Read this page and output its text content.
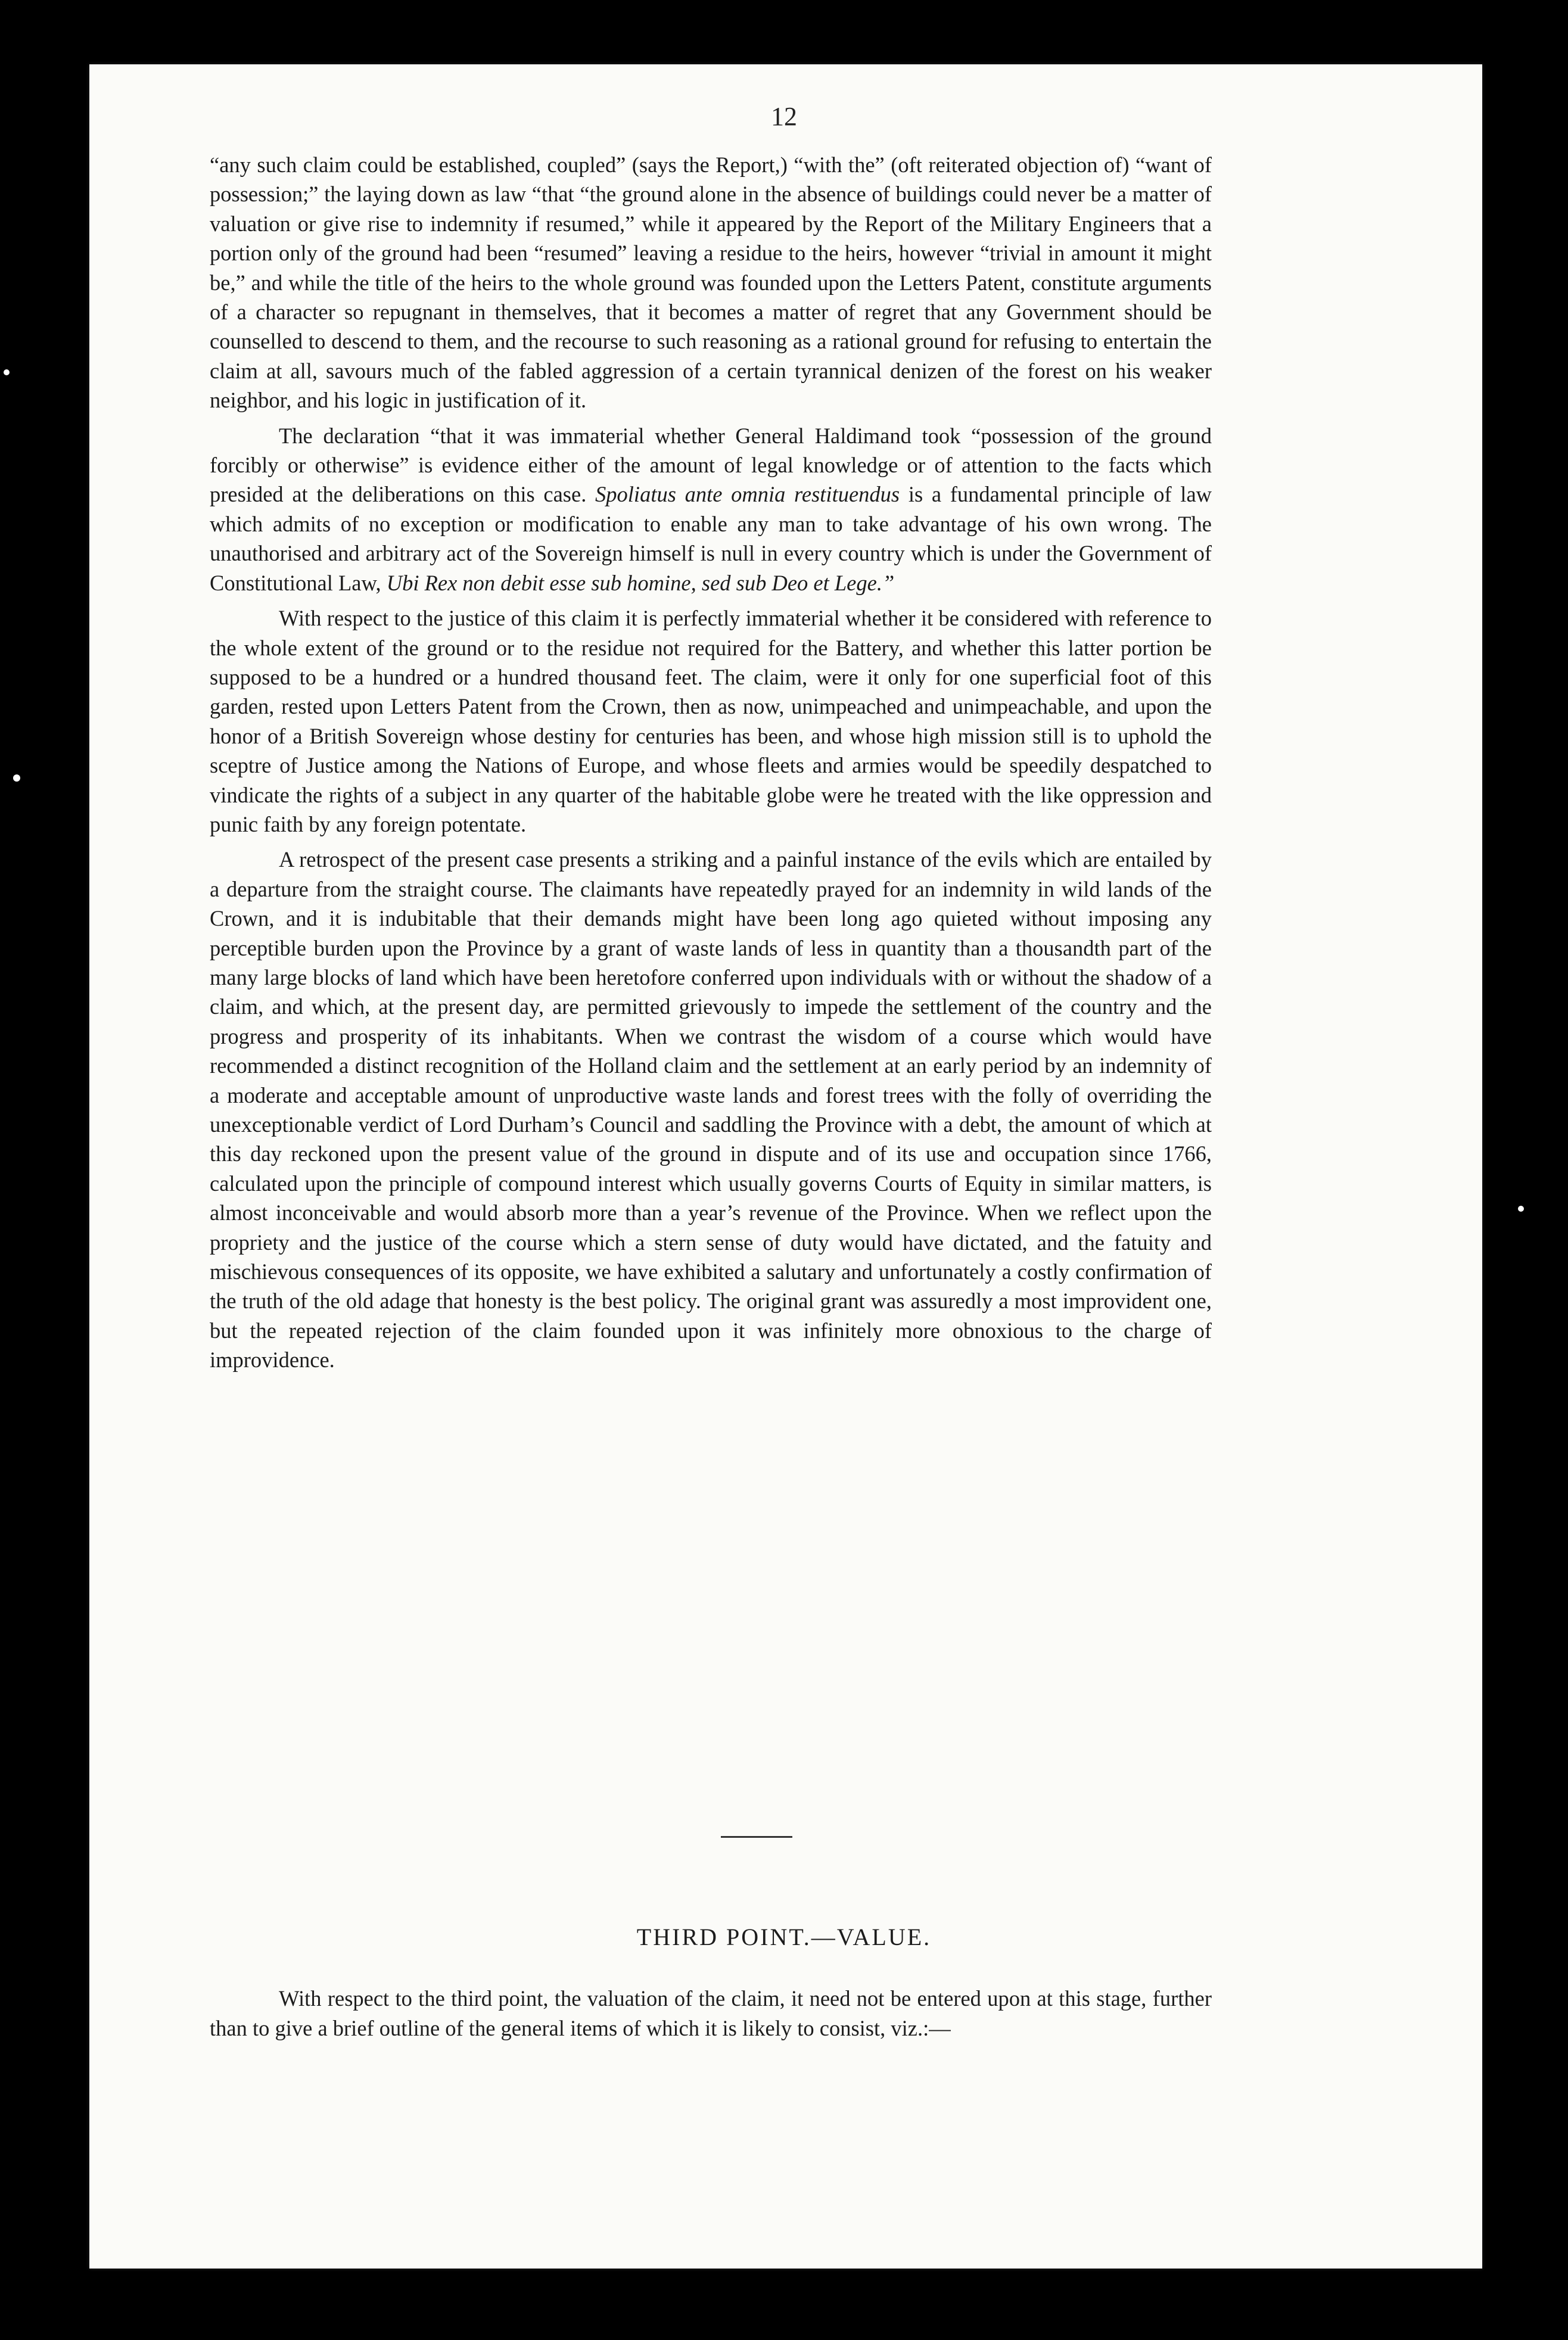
12

“any such claim could be established, coupled” (says the Report,) “with the” (oft reiterated objection of) “want of possession;” the laying down as law “that “the ground alone in the absence of buildings could never be a matter of valuation or give rise to indemnity if resumed,” while it appeared by the Report of the Military Engineers that a portion only of the ground had been “resumed” leaving a residue to the heirs, however “trivial in amount it might be,” and while the title of the heirs to the whole ground was founded upon the Letters Patent, constitute arguments of a character so repugnant in themselves, that it becomes a matter of regret that any Government should be counselled to descend to them, and the recourse to such reasoning as a rational ground for refusing to entertain the claim at all, savours much of the fabled aggression of a certain tyrannical denizen of the forest on his weaker neighbor, and his logic in justification of it.

The declaration “that it was immaterial whether General Haldimand took “possession of the ground forcibly or otherwise” is evidence either of the amount of legal knowledge or of attention to the facts which presided at the deliberations on this case. Spoliatus ante omnia restituendus is a fundamental principle of law which admits of no exception or modification to enable any man to take advantage of his own wrong. The unauthorised and arbitrary act of the Sovereign himself is null in every country which is under the Government of Constitutional Law, Ubi Rex non debit esse sub homine, sed sub Deo et Lege.”

With respect to the justice of this claim it is perfectly immaterial whether it be considered with reference to the whole extent of the ground or to the residue not required for the Battery, and whether this latter portion be supposed to be a hundred or a hundred thousand feet. The claim, were it only for one superficial foot of this garden, rested upon Letters Patent from the Crown, then as now, unimpeached and unimpeachable, and upon the honor of a British Sovereign whose destiny for centuries has been, and whose high mission still is to uphold the sceptre of Justice among the Nations of Europe, and whose fleets and armies would be speedily despatched to vindicate the rights of a subject in any quarter of the habitable globe were he treated with the like oppression and punic faith by any foreign potentate.

A retrospect of the present case presents a striking and a painful instance of the evils which are entailed by a departure from the straight course. The claimants have repeatedly prayed for an indemnity in wild lands of the Crown, and it is indubitable that their demands might have been long ago quieted without imposing any perceptible burden upon the Province by a grant of waste lands of less in quantity than a thousandth part of the many large blocks of land which have been heretofore conferred upon individuals with or without the shadow of a claim, and which, at the present day, are permitted grievously to impede the settlement of the country and the progress and prosperity of its inhabitants. When we contrast the wisdom of a course which would have recommended a distinct recognition of the Holland claim and the settlement at an early period by an indemnity of a moderate and acceptable amount of unproductive waste lands and forest trees with the folly of overriding the unexceptionable verdict of Lord Durham’s Council and saddling the Province with a debt, the amount of which at this day reckoned upon the present value of the ground in dispute and of its use and occupation since 1766, calculated upon the principle of compound interest which usually governs Courts of Equity in similar matters, is almost inconceivable and would absorb more than a year’s revenue of the Province. When we reflect upon the propriety and the justice of the course which a stern sense of duty would have dictated, and the fatuity and mischievous consequences of its opposite, we have exhibited a salutary and unfortunately a costly confirmation of the truth of the old adage that honesty is the best policy. The original grant was assuredly a most improvident one, but the repeated rejection of the claim founded upon it was infinitely more obnoxious to the charge of improvidence.

THIRD POINT.—VALUE.

With respect to the third point, the valuation of the claim, it need not be entered upon at this stage, further than to give a brief outline of the general items of which it is likely to consist, viz.:—
